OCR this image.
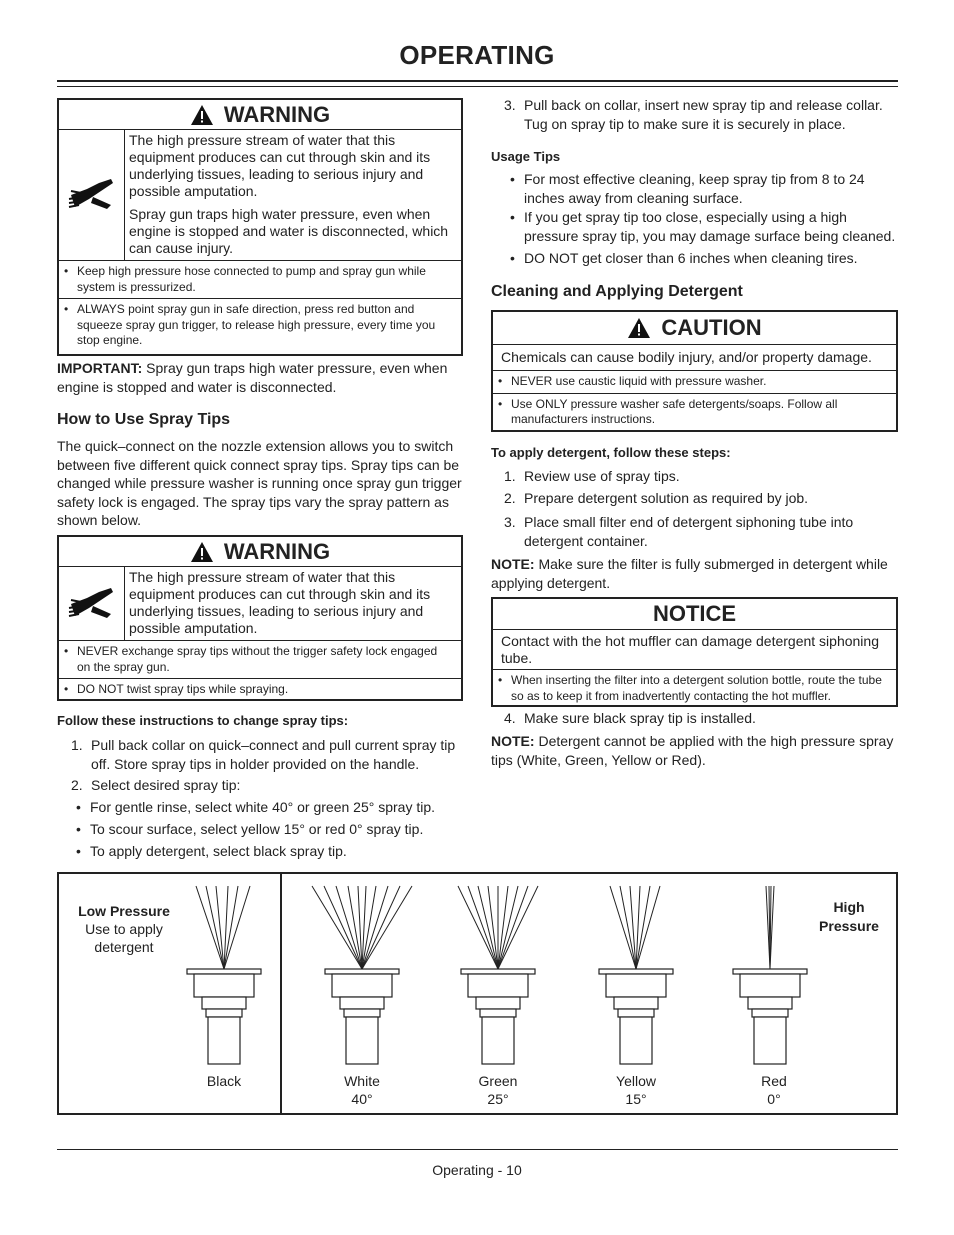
OPERATING
WARNING

The high pressure stream of water that this equipment produces can cut through skin and its underlying tissues, leading to serious injury and possible amputation.

Spray gun traps high water pressure, even when engine is stopped and water is disconnected, which can cause injury.

• Keep high pressure hose connected to pump and spray gun while system is pressurized.
• ALWAYS point spray gun in safe direction, press red button and squeeze spray gun trigger, to release high pressure, every time you stop engine.
IMPORTANT: Spray gun traps high water pressure, even when engine is stopped and water is disconnected.
How to Use Spray Tips
The quick–connect on the nozzle extension allows you to switch between five different quick connect spray tips. Spray tips can be changed while pressure washer is running once spray gun trigger safety lock is engaged. The spray tips vary the spray pattern as shown below.
WARNING

The high pressure stream of water that this equipment produces can cut through skin and its underlying tissues, leading to serious injury and possible amputation.

• NEVER exchange spray tips without the trigger safety lock engaged on the spray gun.
• DO NOT twist spray tips while spraying.
Follow these instructions to change spray tips:
1. Pull back collar on quick–connect and pull current spray tip off. Store spray tips in holder provided on the handle.
2. Select desired spray tip:
• For gentle rinse, select white 40° or green 25° spray tip.
• To scour surface, select yellow 15° or red 0° spray tip.
• To apply detergent, select black spray tip.
3. Pull back on collar, insert new spray tip and release collar. Tug on spray tip to make sure it is securely in place.
Usage Tips
• For most effective cleaning, keep spray tip from 8 to 24 inches away from cleaning surface.
• If you get spray tip too close, especially using a high pressure spray tip, you may damage surface being cleaned.
• DO NOT get closer than 6 inches when cleaning tires.
Cleaning and Applying Detergent
CAUTION
Chemicals can cause bodily injury, and/or property damage.
• NEVER use caustic liquid with pressure washer.
• Use ONLY pressure washer safe detergents/soaps. Follow all manufacturers instructions.
To apply detergent, follow these steps:
1. Review use of spray tips.
2. Prepare detergent solution as required by job.
3. Place small filter end of detergent siphoning tube into detergent container.
NOTE: Make sure the filter is fully submerged in detergent while applying detergent.
NOTICE
Contact with the hot muffler can damage detergent siphoning tube.
• When inserting the filter into a detergent solution bottle, route the tube so as to keep it from inadvertently contacting the hot muffler.
4. Make sure black spray tip is installed.
NOTE: Detergent cannot be applied with the high pressure spray tips (White, Green, Yellow or Red).
Low Pressure
Use to apply detergent
High Pressure
Black	White
40°
Green
25°
Yellow
15°
Red
0°
Operating - 10
